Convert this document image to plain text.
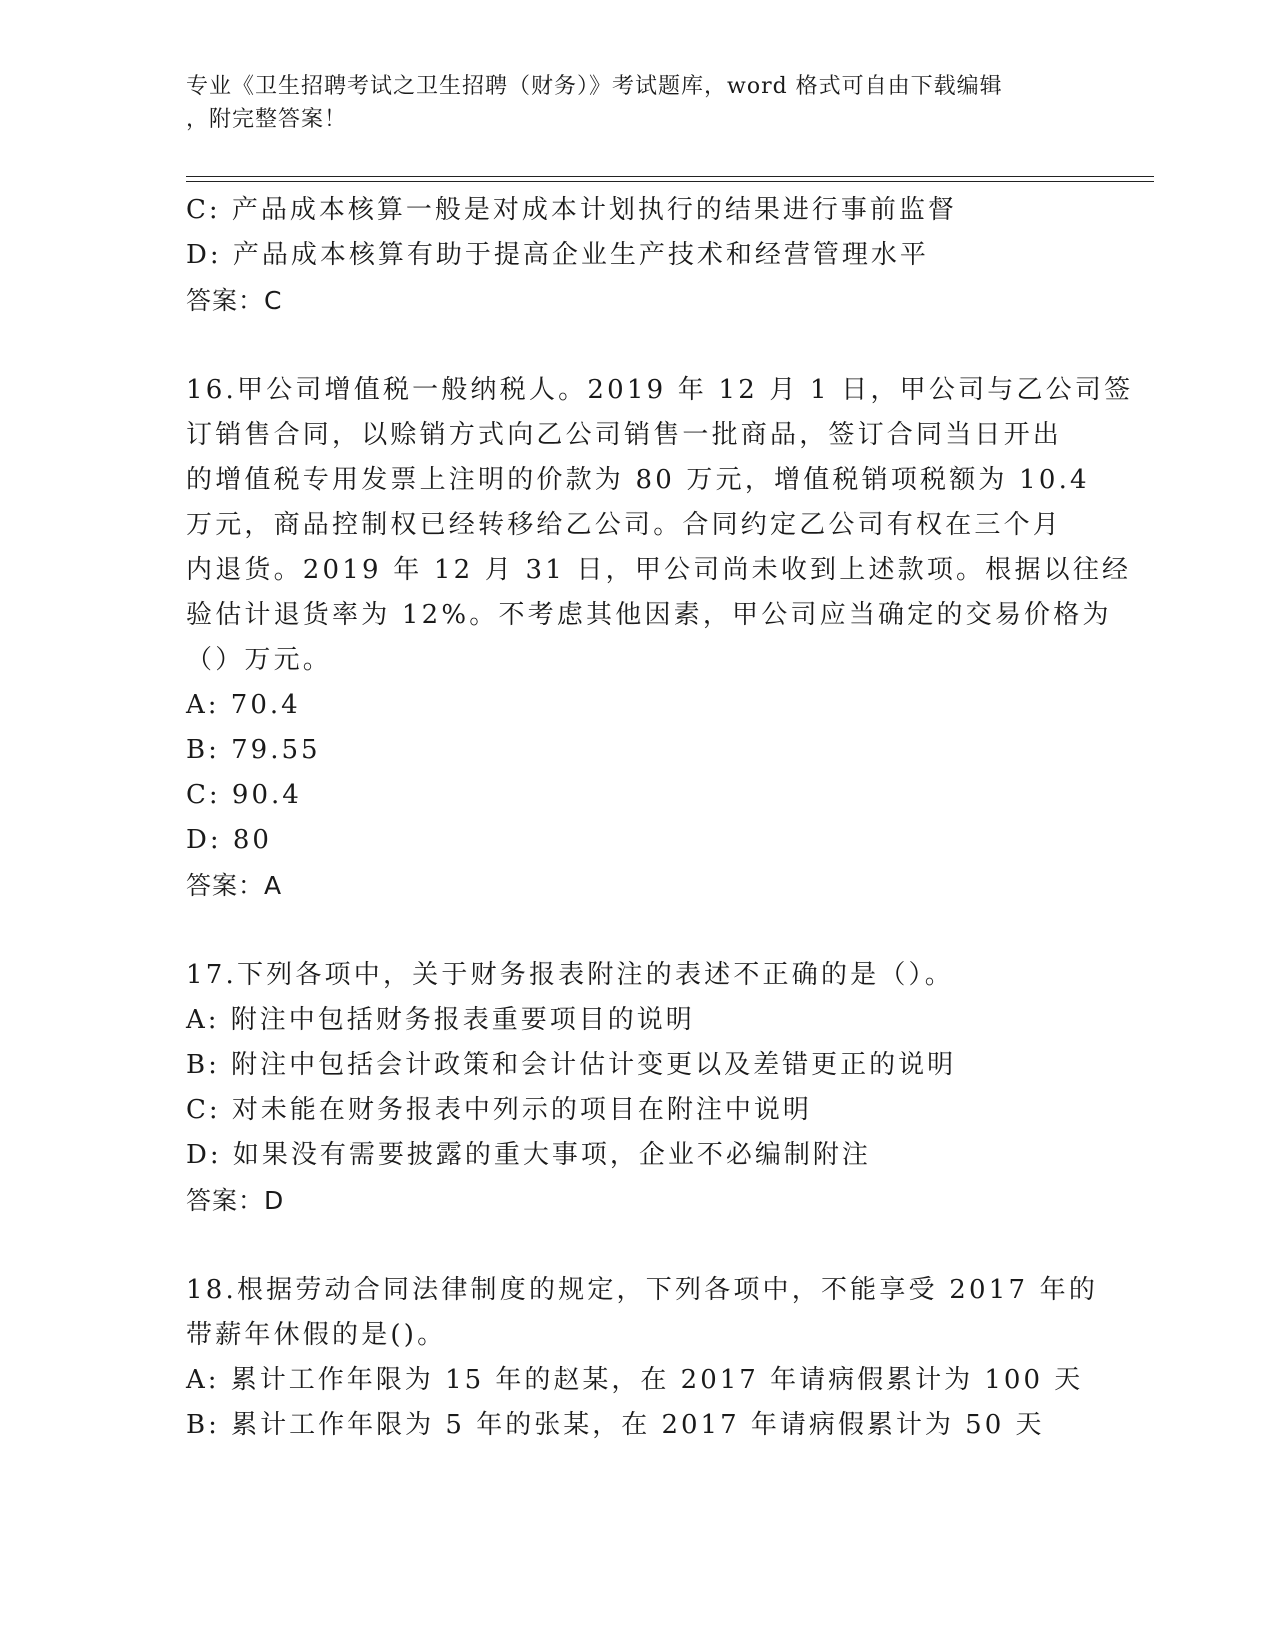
专业《卫生招聘考试之卫生招聘（财务）》考试题库，word 格式可自由下载编辑
，附完整答案！
C: 产品成本核算一般是对成本计划执行的结果进行事前监督
D: 产品成本核算有助于提高企业生产技术和经营管理水平
答案：C
16.甲公司增值税一般纳税人。2019 年 12 月 1 日，甲公司与乙公司签
订销售合同，以赊销方式向乙公司销售一批商品，签订合同当日开出
的增值税专用发票上注明的价款为 80 万元，增值税销项税额为 10.4
万元，商品控制权已经转移给乙公司。合同约定乙公司有权在三个月
内退货。2019 年 12 月 31 日，甲公司尚未收到上述款项。根据以往经
验估计退货率为 12%。不考虑其他因素，甲公司应当确定的交易价格为
（）万元。
A: 70.4
B: 79.55
C: 90.4
D: 80
答案：A
17.下列各项中，关于财务报表附注的表述不正确的是（）。
A: 附注中包括财务报表重要项目的说明
B: 附注中包括会计政策和会计估计变更以及差错更正的说明
C: 对未能在财务报表中列示的项目在附注中说明
D: 如果没有需要披露的重大事项，企业不必编制附注
答案：D
18.根据劳动合同法律制度的规定，下列各项中，不能享受 2017 年的
带薪年休假的是()。
A: 累计工作年限为 15 年的赵某，在 2017 年请病假累计为 100 天
B: 累计工作年限为 5 年的张某，在 2017 年请病假累计为 50 天
